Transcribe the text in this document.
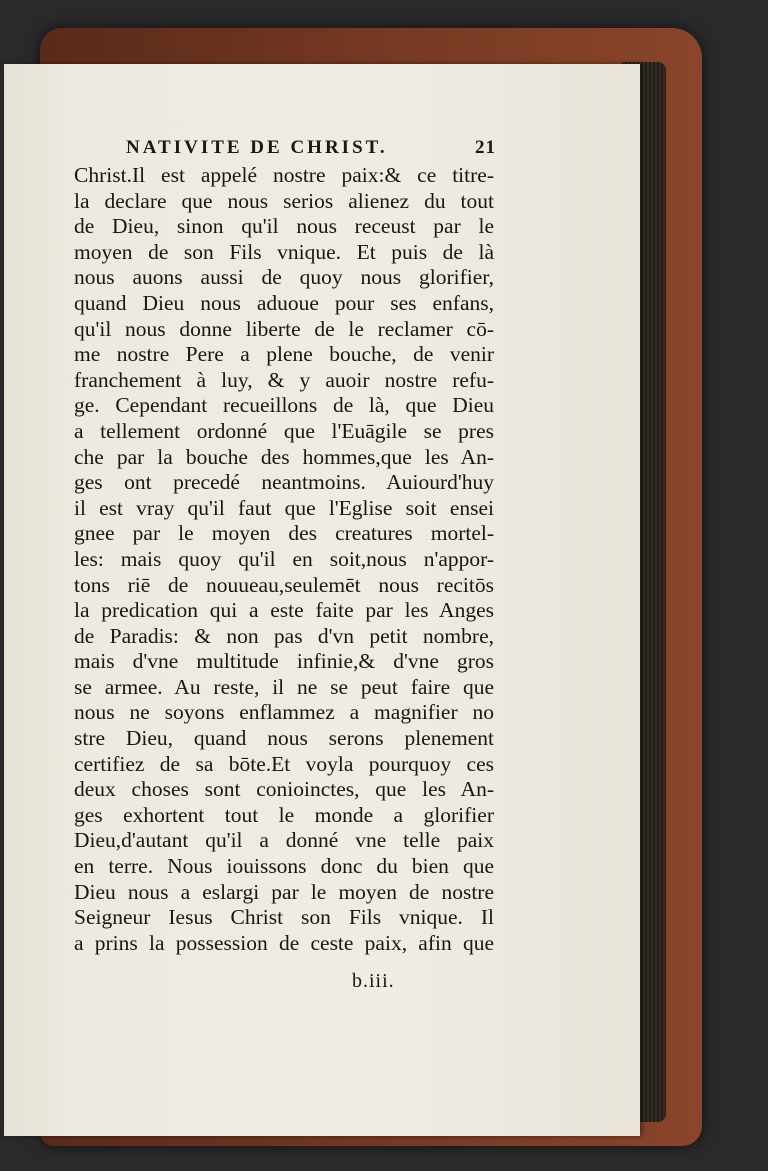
NATIVITE DE CHRIST.	21
Christ.Il est appelé nostre paix:& ce titre-
la declare que nous serios alienez du tout
de Dieu, sinon qu'il nous receust par le
moyen de son Fils vnique. Et puis de là
nous auons aussi de quoy nous glorifier,
quand Dieu nous aduoue pour ses enfans,
qu'il nous donne liberte de le reclamer cō-
me nostre Pere a plene bouche, de venir
franchement à luy, & y auoir nostre refu-
ge. Cependant recueillons de là, que Dieu
a tellement ordonné que l'Euāgile se pres
che par la bouche des hommes,que les An-
ges ont precedé neantmoins. Auiourd'huy
il est vray qu'il faut que l'Eglise soit ensei
gnee par le moyen des creatures mortel-
les: mais quoy qu'il en soit,nous n'appor-
tons riē de nouueau,seulemēt nous recitōs
la predication qui a este faite par les Anges
de Paradis: & non pas d'vn petit nombre,
mais d'vne multitude infinie,& d'vne gros
se armee. Au reste, il ne se peut faire que
nous ne soyons enflammez a magnifier no
stre Dieu, quand nous serons plenement
certifiez de sa bōte.Et voyla pourquoy ces
deux choses sont conioinctes, que les An-
ges exhortent tout le monde a glorifier
Dieu,d'autant qu'il a donné vne telle paix
en terre. Nous iouissons donc du bien que
Dieu nous a eslargi par le moyen de nostre
Seigneur Iesus Christ son Fils vnique. Il
a prins la possession de ceste paix, afin que
b.iii.
